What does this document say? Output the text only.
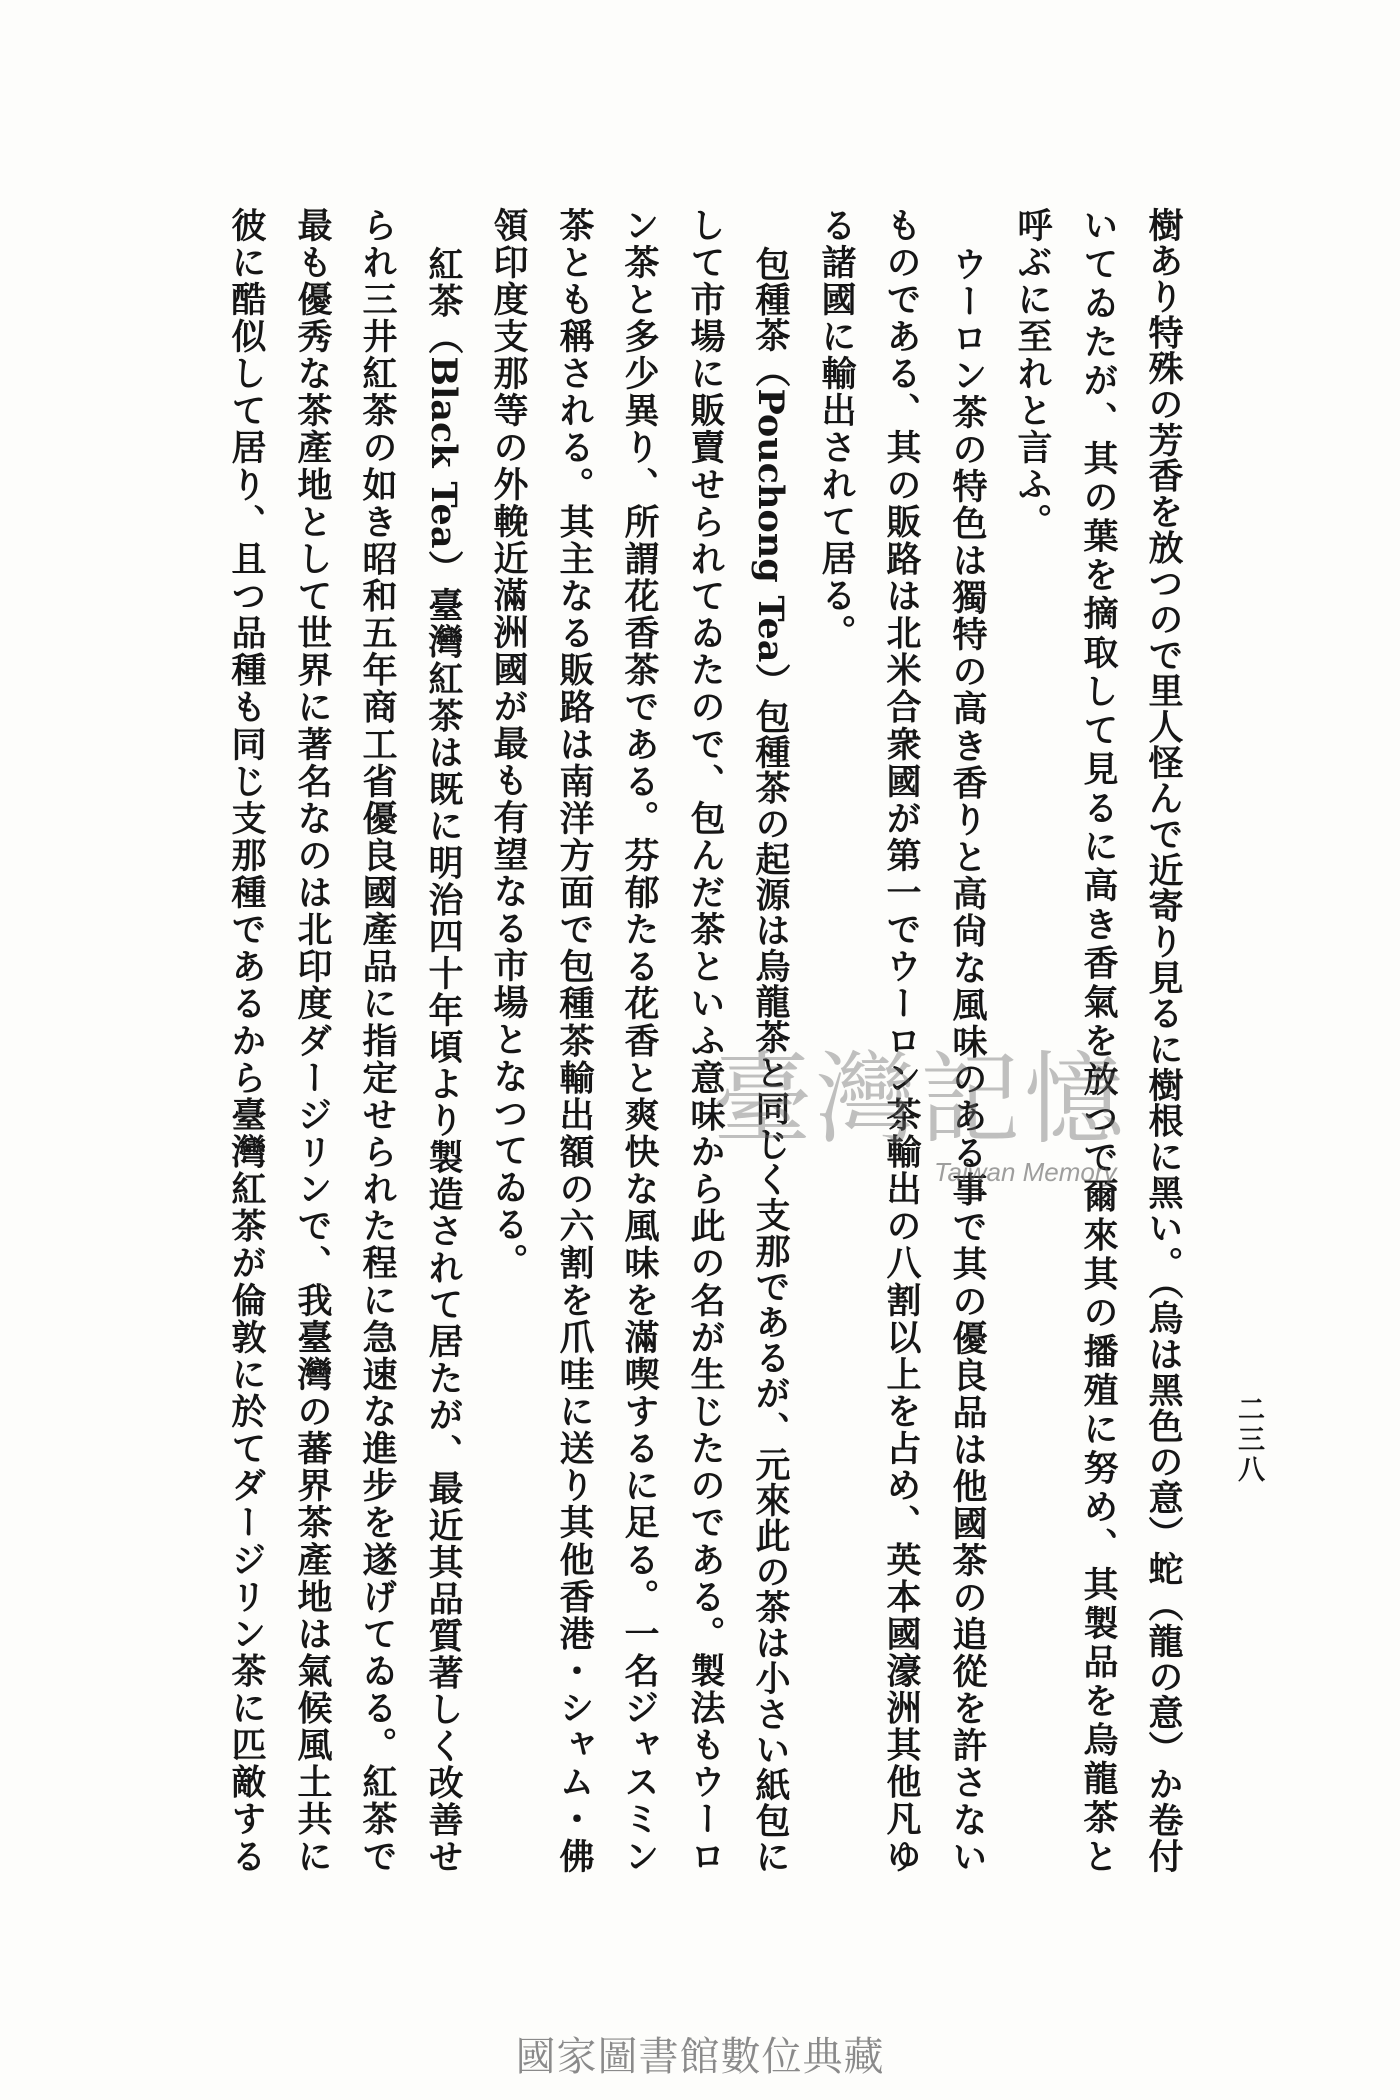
二三八
樹あり特殊の芳香を放つので里人怪んで近寄り見るに樹根に黑い。（烏は黑色の意）蛇（龍の意）か卷付
いてゐたが、其の葉を摘取して見るに高き香氣を放つで爾來其の播殖に努め、其製品を烏龍茶と
呼ぶに至れと言ふ。
ウーロン茶の特色は獨特の高き香りと高尙な風味のある事で其の優良品は他國茶の追從を許さない
ものである、其の販路は北米合衆國が第一でウーロン茶輸出の八割以上を占め、英本國濠洲其他凡ゆ
る諸國に輸出されて居る。
包種茶（Pouchong Tea）包種茶の起源は烏龍茶と同じく支那であるが、元來此の茶は小さい紙包に
して市場に販賣せられてゐたので、包んだ茶といふ意味から此の名が生じたのである。製法もウーロ
ン茶と多少異り、所謂花香茶である。芬郁たる花香と爽快な風味を滿喫するに足る。一名ジャスミン
茶とも稱される。其主なる販路は南洋方面で包種茶輸出額の六割を爪哇に送り其他香港・シャム・佛
領印度支那等の外輓近滿洲國が最も有望なる市場となつてゐる。
紅茶（Black Tea）臺灣紅茶は既に明治四十年頃より製造されて居たが、最近其品質著しく改善せ
られ三井紅茶の如き昭和五年商工省優良國產品に指定せられた程に急速な進步を遂げてゐる。紅茶で
最も優秀な茶產地として世界に著名なのは北印度ダージリンで、我臺灣の蕃界茶產地は氣候風土共に
彼に酷似して居り、且つ品種も同じ支那種であるから臺灣紅茶が倫敦に於てダージリン茶に匹敵する	臺灣記憶
Taiwan Memory
國家圖書館數位典藏
